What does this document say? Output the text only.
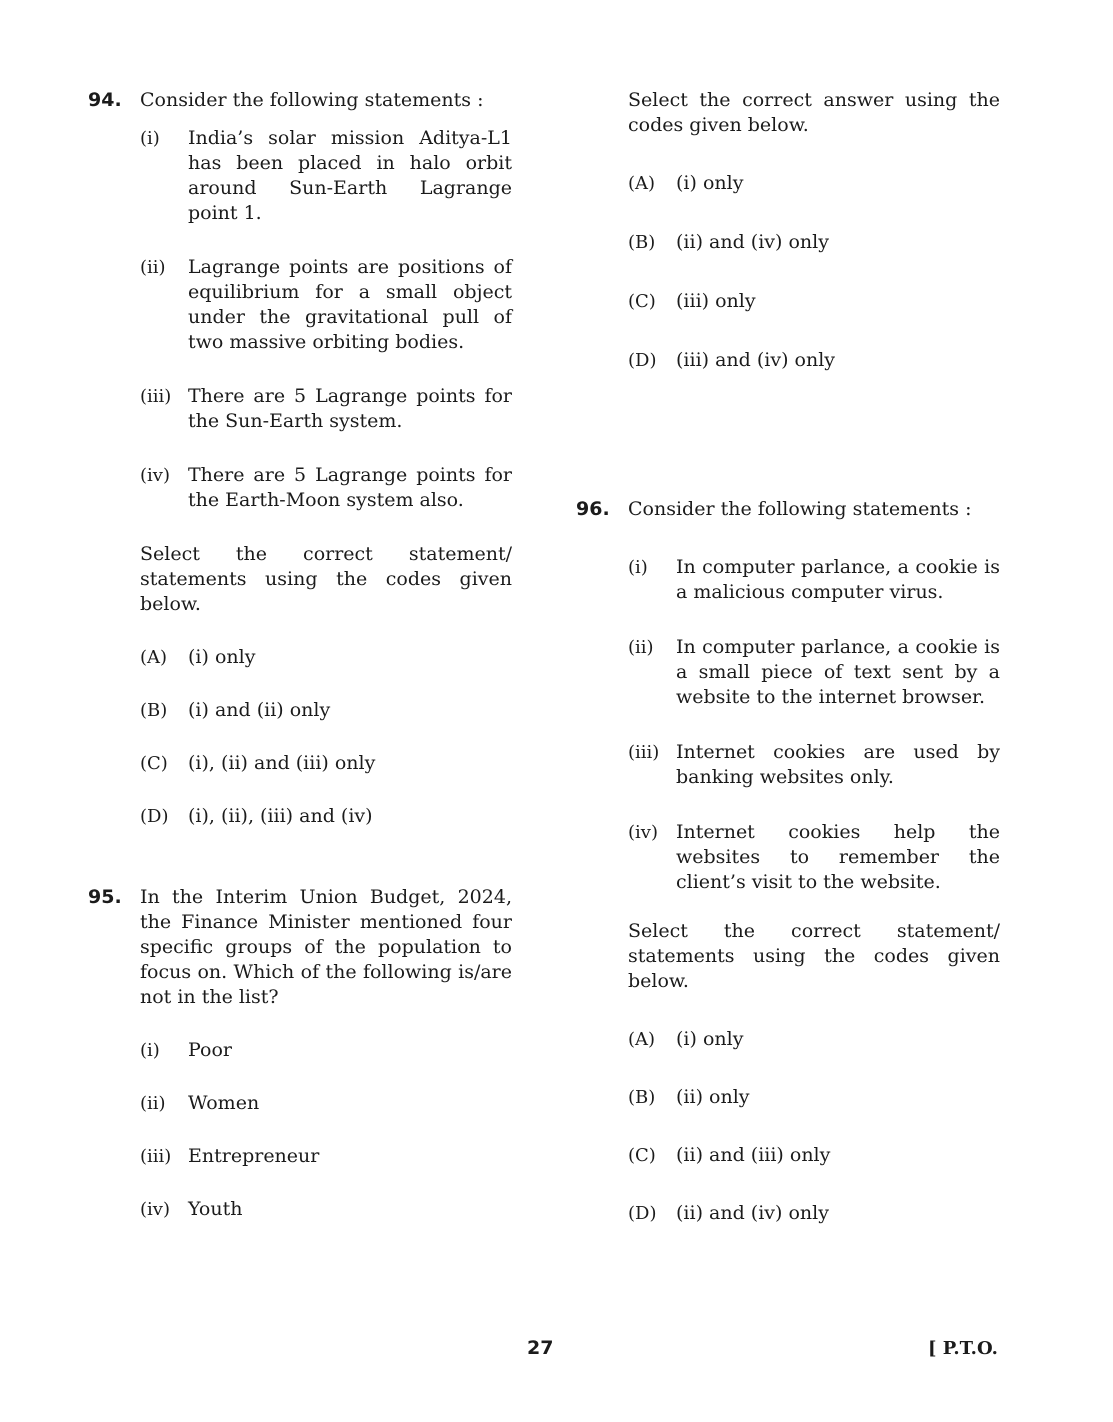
94. Consider the following statements :
(i)	India’s solar mission Aditya-L1 has been placed in halo orbit around Sun-Earth Lagrange point 1.
(ii)	Lagrange points are positions of equilibrium for a small object under the gravitational pull of two massive orbiting bodies.
(iii) There are 5 Lagrange points for the Sun-Earth system.
(iv) There are 5 Lagrange points for the Earth-Moon system also.
Select the correct statement/ statements using the codes given below.
(A)	(i) only
(B)	(i) and (ii) only
(C)	(i), (ii) and (iii) only
(D)	(i), (ii), (iii) and (iv)
95. In the Interim Union Budget, 2024, the Finance Minister mentioned four specific groups of the population to focus on. Which of the following is/are not in the list?
(i)	Poor
(ii)	Women
(iii) Entrepreneur
(iv) Youth
Select the correct answer using the codes given below.
(A)	(i) only
(B)	(ii) and (iv) only
(C)	(iii) only
(D)	(iii) and (iv) only
96. Consider the following statements :
(i)	In computer parlance, a cookie is a malicious computer virus.
(ii)	In computer parlance, a cookie is a small piece of text sent by a website to the internet browser.
(iii) Internet cookies are used by banking websites only.
(iv) Internet cookies help the websites to remember the client’s visit to the website.
Select the correct statement/ statements using the codes given below.
(A)	(i) only
(B)	(ii) only
(C)	(ii) and (iii) only
(D)	(ii) and (iv) only
27	[ P.T.O.
